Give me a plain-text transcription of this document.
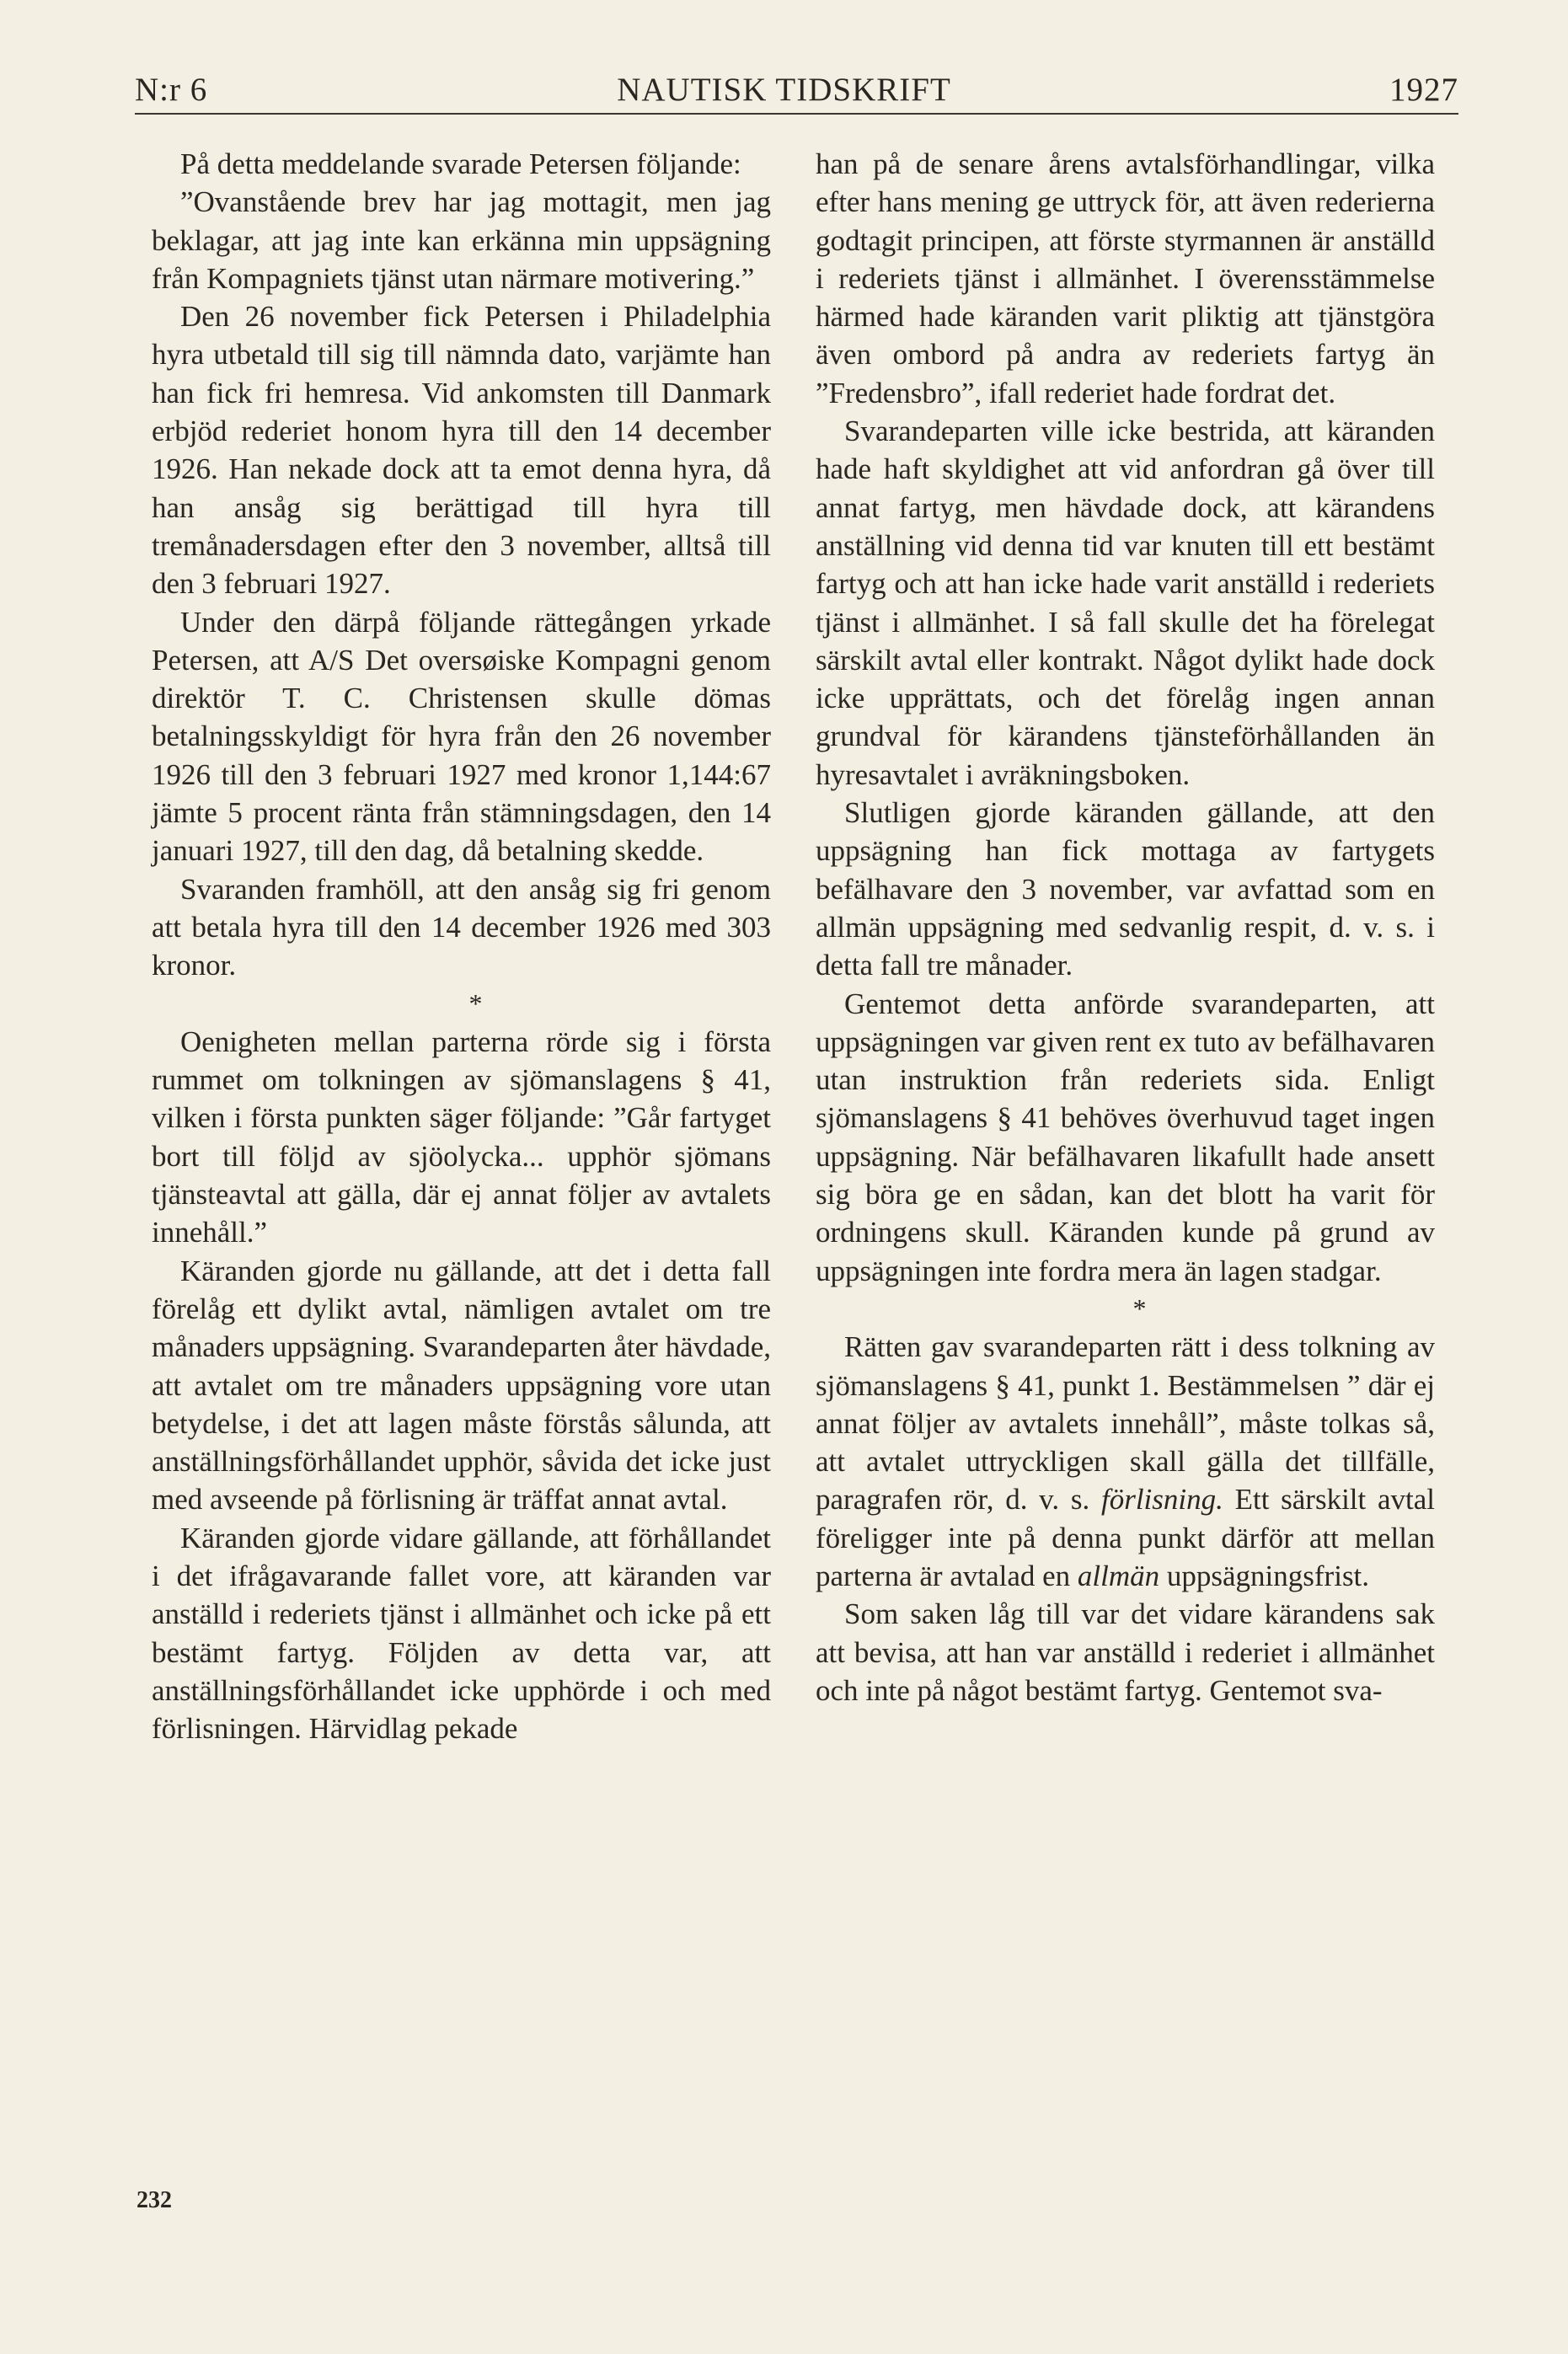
NAUTISK TIDSKRIFT
N:r 6	1927

På detta meddelande svarade Petersen följande:

”Ovanstående brev har jag mottagit, men jag beklagar, att jag inte kan erkänna min uppsägning från Kompagniets tjänst utan närmare motivering.”

Den 26 november fick Petersen i Philadelphia hyra utbetald till sig till nämnda dato, varjämte han han fick fri hemresa. Vid ankomsten till Danmark erbjöd rederiet honom hyra till den 14 december 1926. Han nekade dock att ta emot denna hyra, då han ansåg sig berättigad till hyra till tremånadersdagen efter den 3 november, alltså till den 3 februari 1927.

Under den därpå följande rättegången yrkade Petersen, att A/S Det oversøiske Kompagni genom direktör T. C. Christensen skulle dömas betalningsskyldigt för hyra från den 26 november 1926 till den 3 februari 1927 med kronor 1,144:67 jämte 5 procent ränta från stämningsdagen, den 14 januari 1927, till den dag, då betalning skedde.

Svaranden framhöll, att den ansåg sig fri genom att betala hyra till den 14 december 1926 med 303 kronor.

*

Oenigheten mellan parterna rörde sig i första rummet om tolkningen av sjömanslagens § 41, vilken i första punkten säger följande: ”Går fartyget bort till följd av sjöolycka... upphör sjömans tjänsteavtal att gälla, där ej annat följer av avtalets innehåll.”

Käranden gjorde nu gällande, att det i detta fall förelåg ett dylikt avtal, nämligen avtalet om tre månaders uppsägning. Svarandeparten åter hävdade, att avtalet om tre månaders uppsägning vore utan betydelse, i det att lagen måste förstås sålunda, att anställningsförhållandet upphör, såvida det icke just med avseende på förlisning är träffat annat avtal.

Käranden gjorde vidare gällande, att förhållandet i det ifrågavarande fallet vore, att käranden var anställd i rederiets tjänst i allmänhet och icke på ett bestämt fartyg. Följden av detta var, att anställningsförhållandet icke upphörde i och med förlisningen. Härvidlag pekade

han på de senare årens avtalsförhandlingar, vilka efter hans mening ge uttryck för, att även rederierna godtagit principen, att förste styrmannen är anställd i rederiets tjänst i allmänhet. I överensstämmelse härmed hade käranden varit pliktig att tjänstgöra även ombord på andra av rederiets fartyg än ”Fredensbro”, ifall rederiet hade fordrat det.

Svarandeparten ville icke bestrida, att käranden hade haft skyldighet att vid anfordran gå över till annat fartyg, men hävdade dock, att kärandens anställning vid denna tid var knuten till ett bestämt fartyg och att han icke hade varit anställd i rederiets tjänst i allmänhet. I så fall skulle det ha förelegat särskilt avtal eller kontrakt. Något dylikt hade dock icke upprättats, och det förelåg ingen annan grundval för kärandens tjänsteförhållanden än hyresavtalet i avräkningsboken.

Slutligen gjorde käranden gällande, att den uppsägning han fick mottaga av fartygets befälhavare den 3 november, var avfattad som en allmän uppsägning med sedvanlig respit, d. v. s. i detta fall tre månader.

Gentemot detta anförde svarandeparten, att uppsägningen var given rent ex tuto av befälhavaren utan instruktion från rederiets sida. Enligt sjömanslagens § 41 behöves överhuvud taget ingen uppsägning. När befälhavaren likafullt hade ansett sig böra ge en sådan, kan det blott ha varit för ordningens skull. Käranden kunde på grund av uppsägningen inte fordra mera än lagen stadgar.

*

Rätten gav svarandeparten rätt i dess tolkning av sjömanslagens § 41, punkt 1. Bestämmelsen ” där ej annat följer av avtalets innehåll”, måste tolkas så, att avtalet uttryckligen skall gälla det tillfälle, paragrafen rör, d. v. s. förlisning. Ett särskilt avtal föreligger inte på denna punkt därför att mellan parterna är avtalad en allmän uppsägningsfrist.

Som saken låg till var det vidare kärandens sak att bevisa, att han var anställd i rederiet i allmänhet och inte på något bestämt fartyg. Gentemot sva-

232
